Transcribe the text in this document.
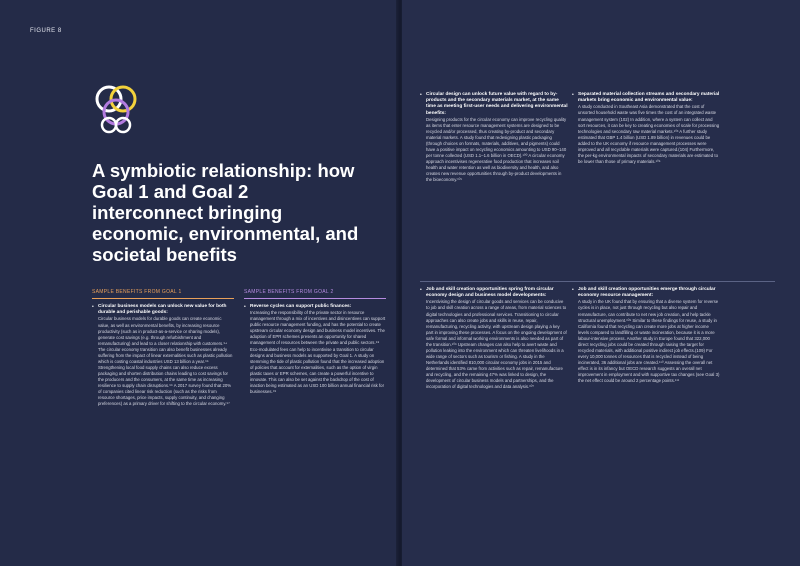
FIGURE 8
A symbiotic relationship: how Goal 1 and Goal 2 interconnect bringing economic, environmental, and societal benefits
SAMPLE BENEFITS FROM GOAL 1
• Circular business models can unlock new value for both durable and perishable goods:

Circular business models for durable goods can create economic value, as well as environmental benefits, by increasing resource productivity (such as in product-as-a-service or sharing models), generate cost savings (e.g. through refurbishment and remanufacturing) and lead to a closer relationship with customers.⁹⁴ The circular economy transition can also benefit businesses already suffering from the impact of linear externalities such as plastic pollution which is costing coastal industries USD 13 billion a year.⁹⁵ Strengthening local food supply chains can also reduce excess packaging and shorten distribution chains leading to cost savings for the producers and the consumers, at the same time as increasing resilience to supply chain disruptions.⁹⁶ A 2017 survey found that 20% of companies cited linear risk reduction (such as the risks from resource shortages, price impacts, supply continuity, and changing preferences) as a primary driver for shifting to the circular economy.⁹⁷

SAMPLE BENEFITS FROM GOAL 2
• Reverse cycles can support public finances:

Increasing the responsibility of the private sector in resource management through a mix of incentives and disincentives can support public resource management funding, and has the potential to create upstream circular economy design and business model incentives. The adoption of EPR schemes presents an opportunity for shared management of resources between the private and public sectors.⁹⁸ Eco-modulated fees can help to incentivise a transition to circular designs and business models as supported by Goal 1. A study on stemming the tide of plastic pollution found that the increased adoption of policies that account for externalities, such as the option of virgin plastic taxes or EPR schemes, can create a powerful incentive to innovate. This can also be set against the backdrop of the cost of inaction being estimated as an USD 100 billion annual financial risk for businesses.⁹⁹

• Circular design can unlock future value with regard to by-products and the secondary materials market, at the same time as meeting first-user needs and delivering environmental benefits:

Designing products for the circular economy can improve recycling quality as items that enter resource management systems are designed to be recycled and/or processed, thus creating by-product and secondary material markets. A study found that redesigning plastic packaging (through choices on formats, materials, additives, and pigments) could have a positive impact on recycling economics amounting to USD 90–140 per tonne collected (USD 1.1–1.6 billion in OECD).¹⁰⁰ A circular economy approach incentivises regenerative food production that increases soil health and water retention as well as biodiversity and health, and also creates new revenue opportunities through by-product developments in the bioeconomy.¹⁰¹

• Separated material collection streams and secondary material markets bring economic and environmental value:

A study conducted in Southeast Asia demonstrated that the cost of unsorted household waste was five times the cost of an integrated waste management system (102) In addition, where a system can collect and sort resources, it can be key to creating economies of scale for processing technologies and secondary raw material markets.¹⁰³ A further study estimated that GBP 1.4 billion (USD 1.89 billion) in revenues could be added to the UK economy if resource management processes were improved and all recyclable materials were captured.(104) Furthermore, the per-kg environmental impacts of secondary materials are estimated to be lower than those of primary materials.¹⁰⁵

• Job and skill creation opportunities spring from circular economy design and business model developments:

Incentivising the design of circular goods and services can be conducive to job and skill creation across a range of areas, from material sciences to digital technologies and professional services. Transitioning to circular approaches can also create jobs and skills in reuse, repair, remanufacturing, recycling activity, with upstream design playing a key part in improving these processes. A focus on the ongoing development of safe formal and informal working environments is also needed as part of the transition.¹⁰⁶ Upstream changes can also help to avert waste and pollution leaking into the environment which can threaten livelihoods in a wide range of sectors such as tourism or fishing. A study in the Netherlands identified 810,000 circular economy jobs in 2015 and determined that 53% came from activities such as repair, remanufacture and recycling, and the remaining 47% was linked to design, the development of circular business models and partnerships, and the incorporation of digital technologies and data analysis.¹⁰⁷

• Job and skill creation opportunities emerge through circular economy resource management:

A study in the UK found that by ensuring that a diverse system for reverse cycles is in place, not just through recycling but also repair and remanufacture, can contribute to net new job creation, and help tackle structural unemployment.¹⁰⁸ Similar to these findings for reuse, a study in California found that recycling can create more jobs at higher income levels compared to landfilling or waste incineration, because it is a more labour-intensive process. Another study in Europe found that 322,000 direct recycling jobs could be created through raising the target for recycled materials, with additional positive indirect job effects.(109) For every 10,000 tonnes of resources that is recycled instead of being incinerated, 36 additional jobs are created.¹¹⁰ Assessing the overall net effect is in its infancy but OECD research suggests an overall net improvement in employment and with supportive tax changes (see Goal 3) the net effect could be around 2 percentage points.¹¹¹
